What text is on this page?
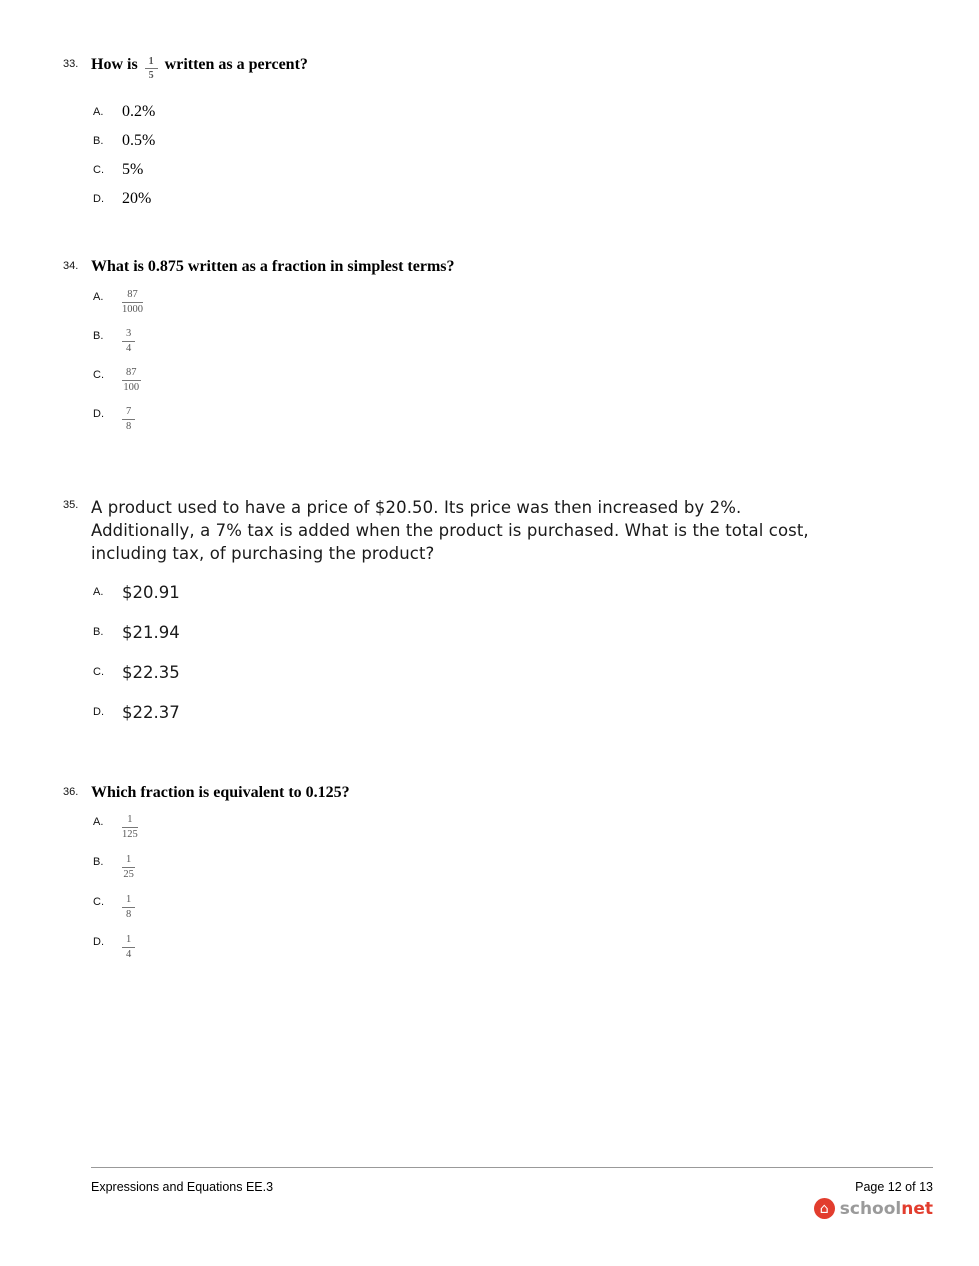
33. How is $\frac{1}{5}$ written as a percent?
A.	0.2%
B.	0.5%
C.	5%
D.	20%
34. What is 0.875 written as a fraction in simplest terms?
A.	$\frac{87}{1000}$
B.	$\frac{3}{4}$
C.	$\frac{87}{100}$
D.	$\frac{7}{8}$
35. A product used to have a price of $20.50. Its price was then increased by 2%. Additionally, a 7% tax is added when the product is purchased. What is the total cost, including tax, of purchasing the product?
A.	$20.91
B.	$21.94
C.	$22.35
D.	$22.37
36. Which fraction is equivalent to 0.125?
A.	$\frac{1}{125}$
B.	$\frac{1}{25}$
C.	$\frac{1}{8}$
D.	$\frac{1}{4}$
Expressions and Equations EE.3	Page 12 of 13
⌂ school net
